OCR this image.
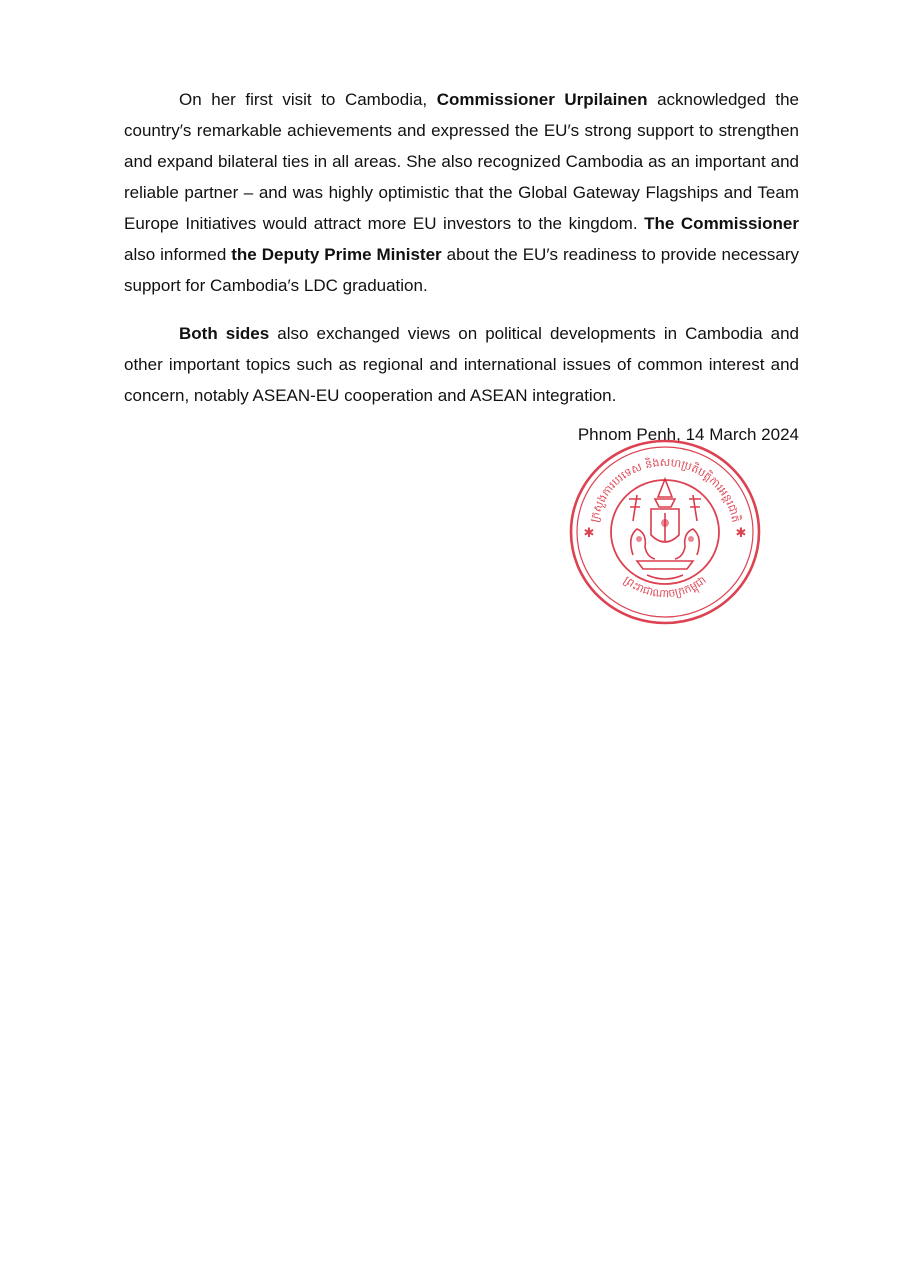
On her first visit to Cambodia, Commissioner Urpilainen acknowledged the country′s remarkable achievements and expressed the EU′s strong support to strengthen and expand bilateral ties in all areas. She also recognized Cambodia as an important and reliable partner – and was highly optimistic that the Global Gateway Flagships and Team Europe Initiatives would attract more EU investors to the kingdom. The Commissioner also informed the Deputy Prime Minister about the EU′s readiness to provide necessary support for Cambodia′s LDC graduation.

Both sides also exchanged views on political developments in Cambodia and other important topics such as regional and international issues of common interest and concern, notably ASEAN-EU cooperation and ASEAN integration.

Phnom Penh, 14 March 2024
ក្រសួងការបរទេស និងសហប្រតិបត្តិការអន្តរជាតិ
ព្រះរាជាណាចក្រកម្ពុជា
✱	✱
